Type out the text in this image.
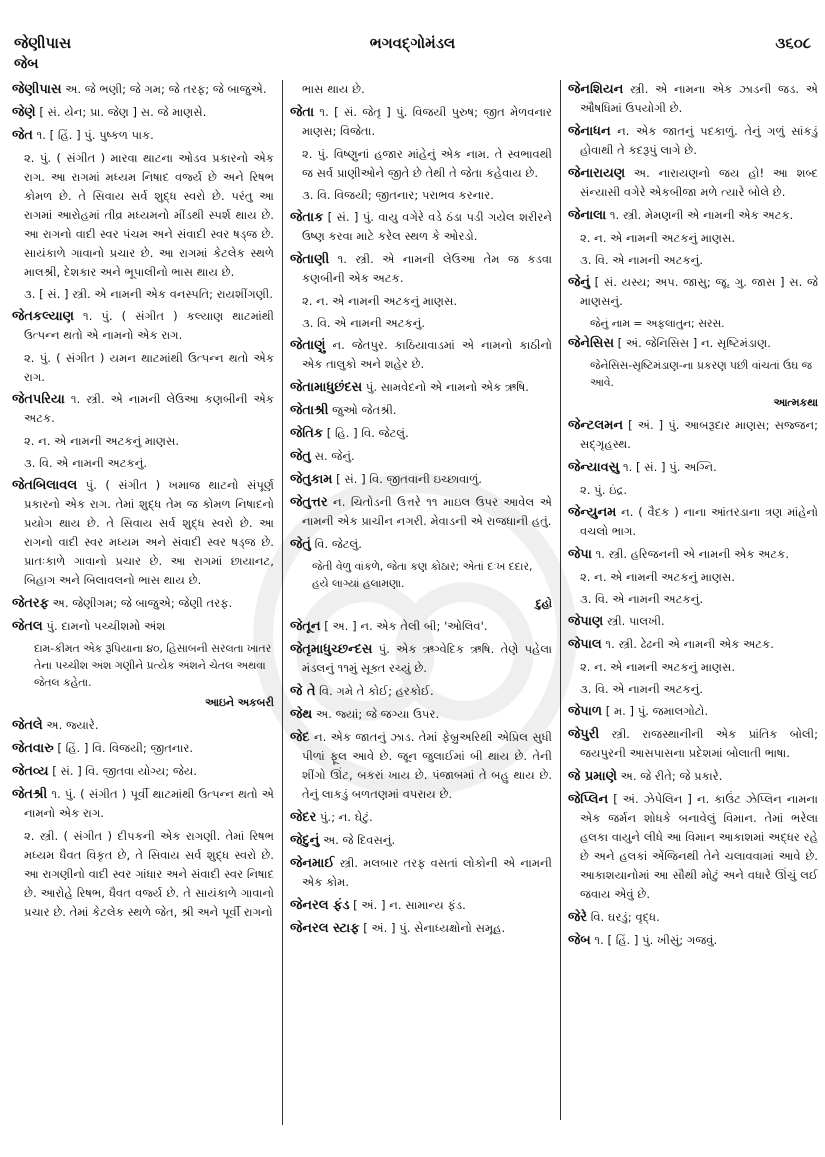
જેણીપાસ	ભગવદ્ગોમંડલ	૩૬૦૮
જેબ
જેણીપાસ અ. જે ભણી; જે ગમ; જે તરફ; જે બાજુએ.
જેણે [ સં. યેન; પ્રા. જેણ ] સ. જે માણસે.
જેત ૧. [ હિં. ] પું. પુષ્કળ પાક.
૨. પું. ( સંગીત ) મારવા થાટના ઓડવ પ્રકારનો એક રાગ. આ રાગમાં મધ્યમ નિષાદ વર્જ્ય છે અને રિષભ કોમળ છે. તે સિવાય સર્વ શુદ્ધ સ્વરો છે. પરંતુ આ રાગમાં આરોહમાં તીવ્ર મધ્યમનો મીંડથી સ્પર્શ થાય છે. આ રાગનો વાદી સ્વર પંચમ અને સંવાદી સ્વર ષડ્જ છે. સાયંકાળે ગાવાનો પ્રચાર છે. આ રાગમાં કેટલેક સ્થળે માલશ્રી, દેશકાર અને ભૂપાલીનો ભાસ થાય છે.
૩. [ સં. ] સ્ત્રી. એ નામની એક વનસ્પતિ; રાયશીંગણી.
જેતકલ્યાણ ૧. પું. ( સંગીત ) કલ્યાણ થાટમાંથી ઉત્પન્ન થતો એ નામનો એક રાગ.
૨. પું. ( સંગીત ) યમન થાટમાંથી ઉત્પન્ન થતો એક રાગ.
જેતપરિયા ૧. સ્ત્રી. એ નામની લેઉઆ કણબીની એક અટક.
૨. ન. એ નામની અટકનું માણસ.
૩. વિ. એ નામની અટકનું.
જેતબિલાવલ પું. ( સંગીત ) ખમાજ થાટનો સંપૂર્ણ પ્રકારનો એક રાગ. તેમાં શુદ્ધ તેમ જ કોમળ નિષાદનો પ્રયોગ થાય છે. તે સિવાય સર્વ શુદ્ધ સ્વરો છે. આ રાગનો વાદી સ્વર મધ્યમ અને સંવાદી સ્વર ષડ્જ છે. પ્રાતઃકાળે ગાવાનો પ્રચાર છે. આ રાગમાં છાયાનટ, બિહાગ અને બિલાવલનો ભાસ થાય છે.
જેતરફ અ. જેણીગમ; જે બાજુએ; જેણી તરફ.
જેતલ પું. દામનો પચ્ચીશમો અંશ
દામ-કીમત એક રૂપિયાના ૪૦, હિસાબની સરલતા ખાતર તેના પચ્ચીશ અંશ ગણીને પ્રત્યેક અંશને ચેતલ અથવા જેતલ કહેતા.
આઇને અકબરી
જેતલે અ. જ્યારે.
જેતવારુ [ હિં. ] વિ. વિજયી; જીતનાર.
જેતવ્ય [ સં. ] વિ. જીતવા યોગ્ય; જેય.
જેતશ્રી ૧. પું. ( સંગીત ) પૂર્વી થાટમાંથી ઉત્પન્ન થતો એ નામનો એક રાગ.
૨. સ્ત્રી. ( સંગીત ) દીપકની એક રાગણી. તેમાં રિષભ મધ્યમ ધૈવત વિકૃત છે, તે સિવાય સર્વ શુદ્ધ સ્વરો છે. આ રાગણીનો વાદી સ્વર ગાંધાર અને સંવાદી સ્વર નિષાદ છે. આરોહે રિષભ, ધૈવત વર્જ્ય છે. તે સાયંકાળે ગાવાનો પ્રચાર છે. તેમાં કેટલેક સ્થળે જેત, શ્રી અને પૂર્વી રાગનો
ભાસ થાય છે.
જેતા ૧. [ સં. જેતૃ ] પું. વિજયી પુરુષ; જીત મેળવનાર માણસ; વિજેતા.
૨. પું. વિષ્ણુનાં હજાર માંહેનું એક નામ. તે સ્વભાવથી જ સર્વ પ્રાણીઓને જીતે છે તેથી તે જેતા કહેવાય છે.
૩. વિ. વિજયી; જીતનાર; પરાભવ કરનાર.
જેતાક [ સં. ] પું. વાયુ વગેરે વડે ઠંડા પડી ગયેલ શરીરને ઉષ્ણ કરવા માટે કરેલ સ્થળ કે ઓરડો.
જેતાણી ૧. સ્ત્રી. એ નામની લેઉઆ તેમ જ કડવા કણબીની એક અટક.
૨. ન. એ નામની અટકનું માણસ.
૩. વિ. એ નામની અટકનું.
જેતાણું ન. જેતપુર. કાઠિયાવાડમાં એ નામનો કાઠીનો એક તાલુકો અને શહેર છે.
જેતામાધુછંદસ પું. સામવેદનો એ નામનો એક ઋષિ.
જેતાશ્રી જુઓ જેતશ્રી.
જેતિક [ હિ. ] વિ. જેટલું.
જેતુ સ. જેનું.
જેતુકામ [ સં. ] વિ. જીતવાની ઇચ્છાવાળું.
જેતુત્તર ન. ચિતોડની ઉત્તરે ૧૧ માઇલ ઉપર આવેલ એ નામની એક પ્રાચીન નગરી. મેવાડની એ રાજધાની હતું.
જેતું વિ. જેટલું.
જેતી વેળુ વાંકળે, જેતા કણ કોઠાર; એતાં દઃખ દદાર, હયે લાગ્યાં હલામણા.
દુહો
જેતૂન [ અ. ] ન. એક તેલી બી; 'ઓલિવ'.
જેતૃમાધુચ્છન્દસ પું. એક ઋગ્વેદિક ઋષિ. તેણે પહેલા મંડલનું ૧૧મું સૂક્ત રચ્યું છે.
જે તે વિ. ગમે તે કોઈ; હરકોઈ.
જેથ અ. જ્યાં; જે જગ્યા ઉપર.
જેદ ન. એક જાતનું ઝાડ. તેમાં ફેબ્રુઅરિથી એપ્રિલ સુધી પીળાં ફૂલ આવે છે. જૂન જુલાઈમાં બી થાય છે. તેની શીંગો ઊંટ, બકરાં ખાય છે. પંજાબમાં તે બહુ થાય છે. તેનું લાકડું બળતણમાં વપરાય છે.
જેદર પું.; ન. ઘેટું.
જેદુનું અ. જે દિવસનું.
જેનમાઈ સ્ત્રી. મલબાર તરફ વસતાં લોકોની એ નામની એક કોમ.
જેનરલ ફંડ [ અં. ] ન. સામાન્ય ફંડ.
જેનરલ સ્ટાફ [ અં. ] પું. સેનાધ્યક્ષોનો સમૂહ.
જેનશિયન સ્ત્રી. એ નામના એક ઝાડની જડ. એ ઔષધિમાં ઉપયોગી છે.
જેનાધન ન. એક જાતનું પદકાળું. તેનું ગળું સાંકડું હોવાથી તે કદરૂપું લાગે છે.
જેનારાયણ અ. નારાયણનો જય હો! આ શબ્દ સંન્યાસી વગેરે એકબીજા મળે ત્યારે બોલે છે.
જેનાલા ૧. સ્ત્રી. મેમણની એ નામની એક અટક.
૨. ન. એ નામની અટકનું માણસ.
૩. વિ. એ નામની અટકનું.
જેનું [ સં. યસ્ય; અપ. જાસુ; જૂ. ગુ. જાસ ] સ. જે માણસનું.
જેનું નામ = અફલાતુન; સરસ.
જેનેસિસ [ અં. જેનિસિસ ] ન. સૃષ્ટિમંડાણ.
જેનેસિસ-સૃષ્ટિમંડાણ-ના પ્રકરણ પછી વાંચતાં ઉંઘ જ આવે.
આત્મકથા
જેન્ટલમન [ અં. ] પું. આબરૂદાર માણસ; સજ્જન; સદ્ગૃહસ્થ.
જેન્યાવસુ ૧. [ સં. ] પું. અગ્નિ.
૨. પું. ઇંદ્ર.
જેન્યુનમ ન. ( વૈદક ) નાના આંતરડાના ત્રણ માંહેનો વચલો ભાગ.
જેપા ૧. સ્ત્રી. હરિજનની એ નામની એક અટક.
૨. ન. એ નામની અટકનું માણસ.
૩. વિ. એ નામની અટકનું.
જેપાણ સ્ત્રી. પાલખી.
જેપાલ ૧. સ્ત્રી. ઢેઢની એ નામની એક અટક.
૨. ન. એ નામની અટકનું માણસ.
૩. વિ. એ નામની અટકનું.
જેપાળ [ મ. ] પું. જમાલગોટો.
જેપુરી સ્ત્રી. રાજસ્થાનીની એક પ્રાંતિક બોલી; જયપુરની આસપાસના પ્રદેશમાં બોલાતી ભાષા.
જે પ્રમાણે અ. જે રીતે; જે પ્રકારે.
જેપ્લિન [ અં. ઝેપેલિન ] ન. કાઉંટ ઝેપ્લિન નામના એક જર્મન શોધકે બનાવેલું વિમાન. તેમાં ભરેલા હલકા વાયુને લીધે આ વિમાન આકાશમાં અદ્ધર રહે છે અને હલકાં એંજિનથી તેને ચલાવવામાં આવે છે. આકાશયાનોમાં આ સૌથી મોટું અને વધારે ઊંચું લઈ જવાય એવું છે.
જેરે વિ. ઘરડું; વૃદ્ધ.
જેબ ૧. [ હિં. ] પું. ખીસું; ગજવું.
